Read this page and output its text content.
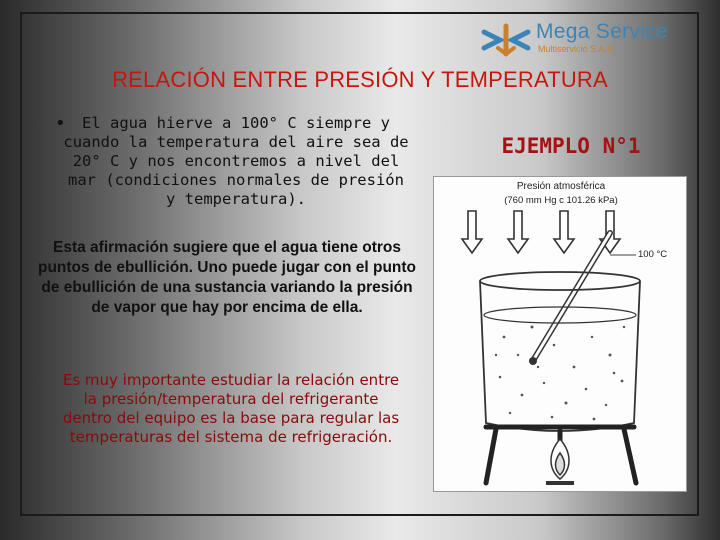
Mega Service
Multiservicio S.A.S
RELACIÓN ENTRE PRESIÓN Y TEMPERATURA
•	El agua hierve a 100° C siempre y cuando la temperatura del aire sea de 20° C y nos encontremos a nivel del mar (condiciones normales de presión y temperatura).
Esta afirmación sugiere que el agua tiene otros puntos de ebullición. Uno puede jugar con el punto de ebullición de una sustancia variando la presión de vapor que hay por encima de ella.
Es muy importante estudiar la relación entre la presión/temperatura del refrigerante dentro del equipo es la base para regular las temperaturas del sistema de refrigeración.
EJEMPLO N°1
Presión atmosférica
(760 mm Hg c 101.26 kPa)
100 °C
